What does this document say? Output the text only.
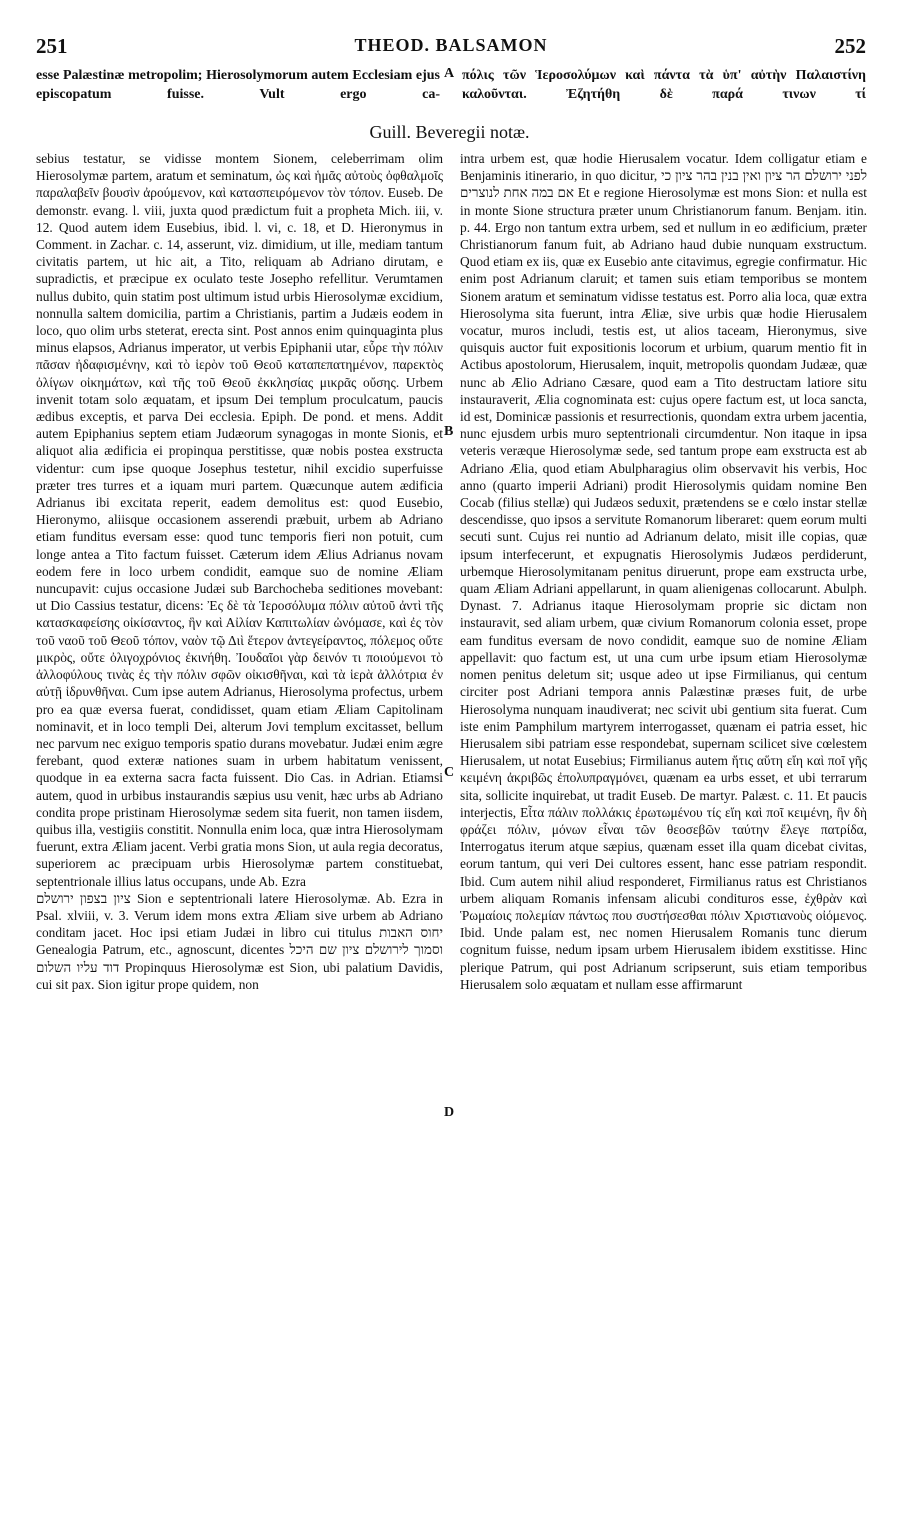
251	THEOD. BALSAMON	252
esse Palæstinæ metropolim; Hierosolymorum autem Ecclesiam ejus episcopatum fuisse. Vult ergo ca-
A πόλις τῶν Ἱεροσολύμων καὶ πάντα τὰ ὑπ' αὐτὴν Παλαιστίνη καλοῦνται. Ἐζητήθη δὲ παρά τινων τί
Guill. Beveregii notæ.

sebius testatur, se vidisse montem Sionem, celeberrimam olim Hierosolymæ partem, aratum et seminatum, ὡς καὶ ἡμᾶς αὐτοὺς ὀφθαλμοῖς παραλαβεῖν βουσὶν ἀρούμενον, καὶ κατασπειρόμενον τὸν τόπον. Euseb. De demonstr. evang. l. viii, juxta quod prædictum fuit a propheta Mich. iii, v. 12. Quod autem idem Eusebius, ibid. l. vi, c. 18, et D. Hieronymus in Comment. in Zachar. c. 14, asserunt, viz. dimidium, ut ille, mediam tantum civitatis partem, ut hic ait, a Tito, reliquam ab Adriano dirutam, e supradictis, et præcipue ex oculato teste Josepho refellitur. Verumtamen nullus dubito, quin statim post ultimum istud urbis Hierosolymæ excidium, nonnulla saltem domicilia, partim a Christianis, partim a Judæis eodem in loco, quo olim urbs steterat, erecta sint. Post annos enim quinquaginta plus minus elapsos, Adrianus imperator, ut verbis Epiphanii utar, εὗρε τὴν πόλιν πᾶσαν ἠδαφισμένην, καὶ τὸ ἱερὸν τοῦ Θεοῦ καταπεπατημένον, παρεκτὸς ὀλίγων οἰκημάτων, καὶ τῆς τοῦ Θεοῦ ἐκκλησίας μικρᾶς οὔσης. Urbem invenit totam solo æquatam, et ipsum Dei templum proculcatum, paucis ædibus exceptis, et parva Dei ecclesia. Epiph. De pond. et mens. Addit autem Epiphanius septem etiam Judæorum synagogas in monte Sionis, et aliquot alia ædificia ei propinqua perstitisse, quæ nobis postea exstructa videntur: cum ipse quoque Josephus testetur, nihil excidio superfuisse præter tres turres et a iquam muri partem. Quæcunque autem ædificia Adrianus ibi excitata reperit, eadem demolitus est: quod Eusebio, Hieronymo, aliisque occasionem asserendi præbuit, urbem ab Adriano etiam funditus eversam esse: quod tunc temporis fieri non potuit, cum longe antea a Tito factum fuisset. Cæterum idem Ælius Adrianus novam eodem fere in loco urbem condidit, eamque suo de nomine Æliam nuncupavit: cujus occasione Judæi sub Barchocheba seditiones movebant: ut Dio Cassius testatur, dicens: Ἐς δὲ τὰ Ἱεροσόλυμα πόλιν αὐτοῦ ἀντὶ τῆς κατασκαφείσης οἰκίσαντος, ἣν καὶ Αἰλίαν Καπιτωλίαν ὠνόμασε, καὶ ἐς τὸν τοῦ ναοῦ τοῦ Θεοῦ τόπον, ναὸν τῷ Διὶ ἕτερον ἀντεγείραντος, πόλεμος οὔτε μικρὸς, οὔτε ὀλιγοχρόνιος ἐκινήθη. Ἰουδαῖοι γὰρ δεινόν τι ποιούμενοι τὸ ἀλλοφύλους τινὰς ἐς τὴν πόλιν σφῶν οἰκισθῆναι, καὶ τὰ ἱερὰ ἀλλότρια ἐν αὐτῇ ἱδρυνθῆναι. Cum ipse autem Adrianus, Hierosolyma profectus, urbem pro ea quæ eversa fuerat, condidisset, quam etiam Æliam Capitolinam nominavit, et in loco templi Dei, alterum Jovi templum excitasset, bellum nec parvum nec exiguo temporis spatio durans movebatur. Judæi enim ægre ferebant, quod exteræ nationes suam in urbem habitatum venissent, quodque in ea externa sacra facta fuissent. Dio Cas. in Adrian. Etiamsi autem, quod in urbibus instaurandis sæpius usu venit, hæc urbs ab Adriano condita prope pristinam Hierosolymæ sedem sita fuerit, non tamen iisdem, quibus illa, vestigiis constitit. Nonnulla enim loca, quæ intra Hierosolymam fuerunt, extra Æliam jacent. Verbi gratia mons Sion, ut aula regia decoratus, superiorem ac præcipuam urbis Hierosolymæ partem constituebat, septentrionale illius latus occupans, unde Ab. Ezra

ציון בצפון ירושלם Sion e septentrionali latere Hierosolymæ. Ab. Ezra in Psal. xlviii, v. 3. Verum idem mons extra Æliam sive urbem ab Adriano conditam jacet. Hoc ipsi etiam Judæi in libro cui titulus יחוס האבות Genealogia Patrum, etc., agnoscunt, dicentes וסמוך לירושלם ציון שם היכל דוד עליו השלום Propinquus Hierosolymæ est Sion, ubi palatium Davidis, cui sit pax. Sion igitur prope quidem, non

B
C
D

intra urbem est, quæ hodie Hierusalem vocatur. Idem colligatur etiam e Benjaminis itinerario, in quo dicitur, לפני ירושלם הר ציון ואין בנין בהר ציון כי אם במה אחת לנוצרים Et e regione Hierosolymæ est mons Sion: et nulla est in monte Sione structura præter unum Christianorum fanum. Benjam. itin. p. 44. Ergo non tantum extra urbem, sed et nullum in eo ædificium, præter Christianorum fanum fuit, ab Adriano haud dubie nunquam exstructum. Quod etiam ex iis, quæ ex Eusebio ante citavimus, egregie confirmatur. Hic enim post Adrianum claruit; et tamen suis etiam temporibus se montem Sionem aratum et seminatum vidisse testatus est. Porro alia loca, quæ extra Hierosolyma sita fuerunt, intra Æliæ, sive urbis quæ hodie Hierusalem vocatur, muros includi, testis est, ut alios taceam, Hieronymus, sive quisquis auctor fuit expositionis locorum et urbium, quarum mentio fit in Actibus apostolorum, Hierusalem, inquit, metropolis quondam Judææ, quæ nunc ab Ælio Adriano Cæsare, quod eam a Tito destructam latiore situ instauraverit, Ælia cognominata est: cujus opere factum est, ut loca sancta, id est, Dominicæ passionis et resurrectionis, quondam extra urbem jacentia, nunc ejusdem urbis muro septentrionali circumdentur. Non itaque in ipsa veteris veræque Hierosolymæ sede, sed tantum prope eam exstructa est ab Adriano Ælia, quod etiam Abulpharagius olim observavit his verbis, Hoc anno (quarto imperii Adriani) prodit Hierosolymis quidam nomine Ben Cocab (filius stellæ) qui Judæos seduxit, prætendens se e cœlo instar stellæ descendisse, quo ipsos a servitute Romanorum liberaret: quem eorum multi secuti sunt. Cujus rei nuntio ad Adrianum delato, misit ille copias, quæ ipsum interfecerunt, et expugnatis Hierosolymis Judæos perdiderunt, urbemque Hierosolymitanam penitus diruerunt, prope eam exstructa urbe, quam Æliam Adriani appellarunt, in quam alienigenas collocarunt. Abulph. Dynast. 7. Adrianus itaque Hierosolymam proprie sic dictam non instauravit, sed aliam urbem, quæ civium Romanorum colonia esset, prope eam funditus eversam de novo condidit, eamque suo de nomine Æliam appellavit: quo factum est, ut una cum urbe ipsum etiam Hierosolymæ nomen penitus deletum sit; usque adeo ut ipse Firmilianus, qui centum circiter post Adriani tempora annis Palæstinæ præses fuit, de urbe Hierosolyma nunquam inaudiverat; nec scivit ubi gentium sita fuerat. Cum iste enim Pamphilum martyrem interrogasset, quænam ei patria esset, hic Hierusalem sibi patriam esse respondebat, supernam scilicet sive cœlestem Hierusalem, ut notat Eusebius; Firmilianus autem ἥτις αὕτη εἴη καὶ ποῖ γῆς κειμένη ἀκριβῶς ἐπολυπραγμόνει, quænam ea urbs esset, et ubi terrarum sita, sollicite inquirebat, ut tradit Euseb. De martyr. Palæst. c. 11. Et paucis interjectis, Εἶτα πάλιν πολλάκις ἐρωτωμένου τίς εἴη καὶ ποῖ κειμένη, ἣν δὴ φράζει πόλιν, μόνων εἶναι τῶν θεοσεβῶν ταύτην ἔλεγε πατρίδα, Interrogatus iterum atque sæpius, quænam esset illa quam dicebat civitas, eorum tantum, qui veri Dei cultores essent, hanc esse patriam respondit. Ibid. Cum autem nihil aliud responderet, Firmilianus ratus est Christianos urbem aliquam Romanis infensam alicubi condituros esse, ἐχθρὰν καὶ Ῥωμαίοις πολεμίαν πάντως που συστήσεσθαι πόλιν Χριστιανοὺς οἰόμενος. Ibid. Unde palam est, nec nomen Hierusalem Romanis tunc dierum cognitum fuisse, nedum ipsam urbem Hierusalem ibidem exstitisse. Hinc plerique Patrum, qui post Adrianum scripserunt, suis etiam temporibus Hierusalem solo æquatam et nullam esse affirmarunt
